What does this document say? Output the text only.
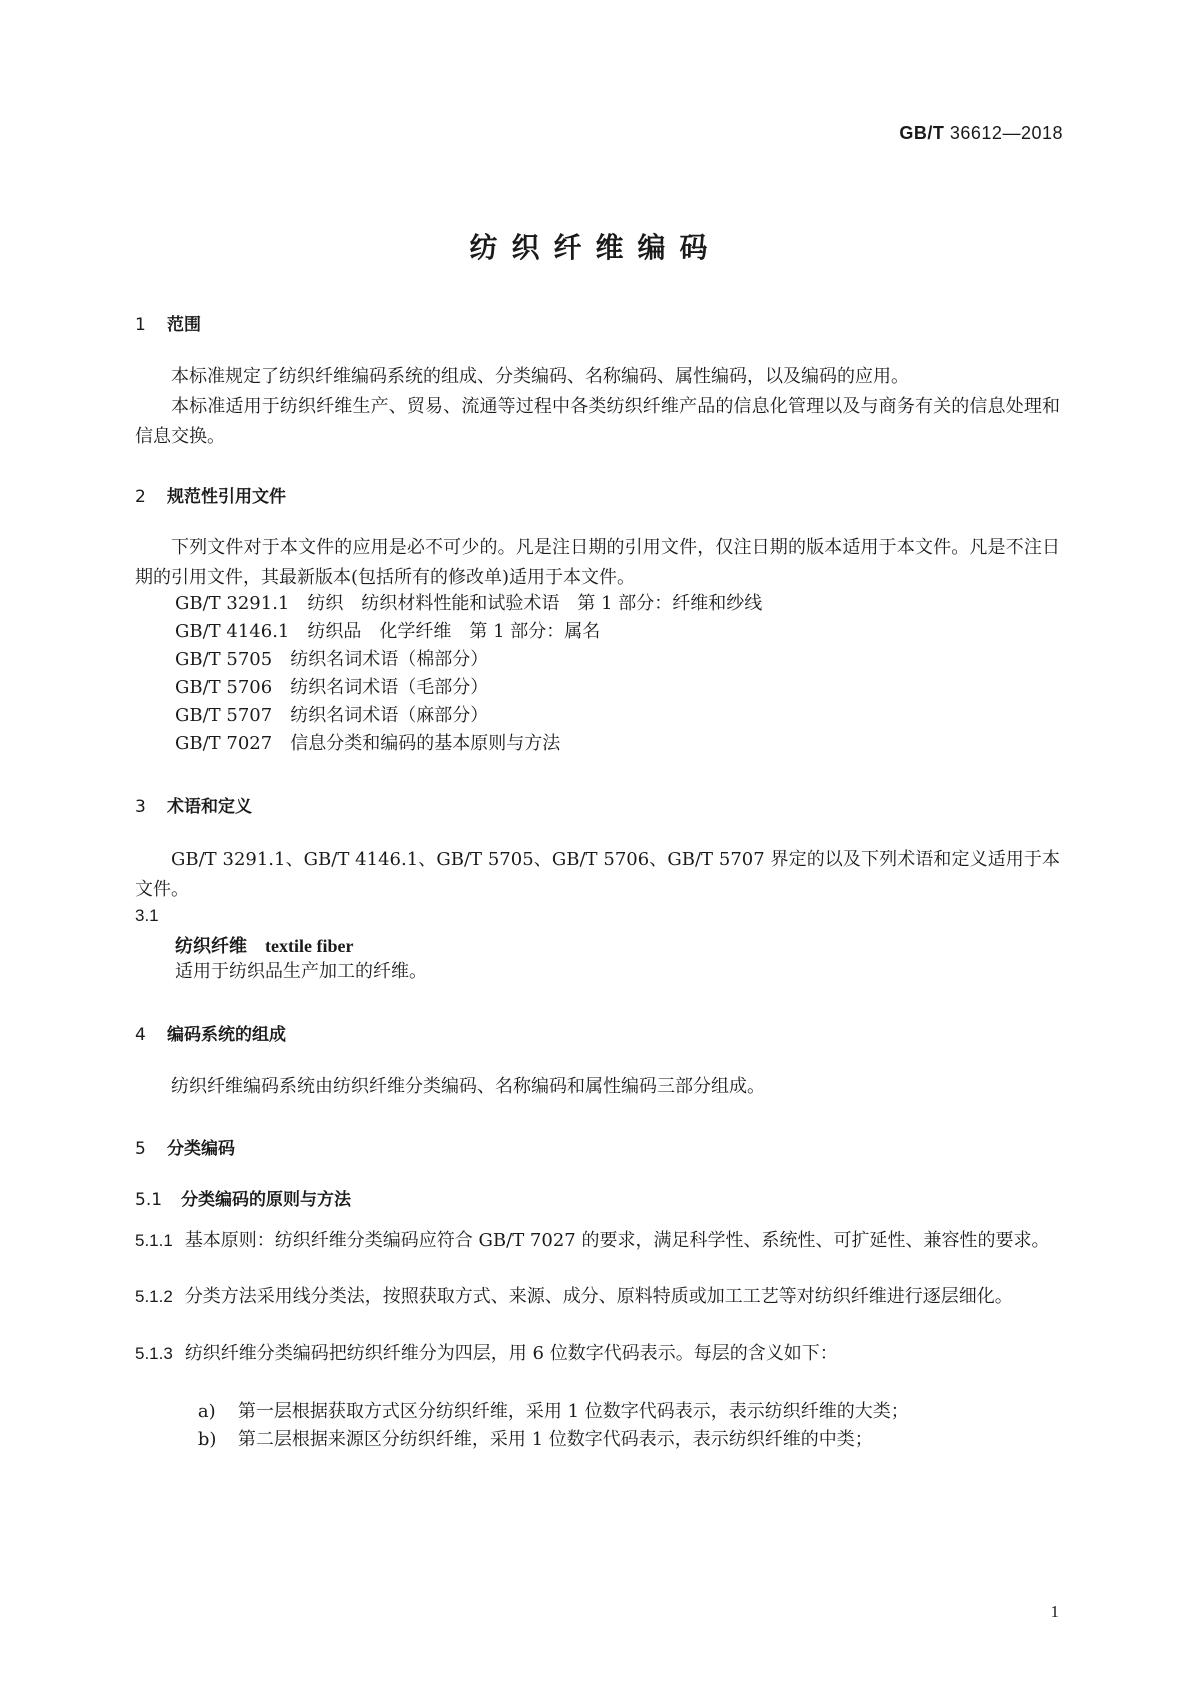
GB/T 36612—2018
纺织纤维编码
1 范围
本标准规定了纺织纤维编码系统的组成、分类编码、名称编码、属性编码，以及编码的应用。
本标准适用于纺织纤维生产、贸易、流通等过程中各类纺织纤维产品的信息化管理以及与商务有关的信息处理和信息交换。
2 规范性引用文件
下列文件对于本文件的应用是必不可少的。凡是注日期的引用文件，仅注日期的版本适用于本文件。凡是不注日期的引用文件，其最新版本(包括所有的修改单)适用于本文件。
GB/T 3291.1　纺织　纺织材料性能和试验术语　第 1 部分：纤维和纱线
GB/T 4146.1　纺织品　化学纤维　第 1 部分：属名
GB/T 5705　纺织名词术语（棉部分）
GB/T 5706　纺织名词术语（毛部分）
GB/T 5707　纺织名词术语（麻部分）
GB/T 7027　信息分类和编码的基本原则与方法
3 术语和定义
GB/T 3291.1、GB/T 4146.1、GB/T 5705、GB/T 5706、GB/T 5707 界定的以及下列术语和定义适用于本文件。
3.1
纺织纤维 textile fiber
适用于纺织品生产加工的纤维。
4 编码系统的组成
纺织纤维编码系统由纺织纤维分类编码、名称编码和属性编码三部分组成。
5 分类编码
5.1 分类编码的原则与方法
5.1.1 基本原则：纺织纤维分类编码应符合 GB/T 7027 的要求，满足科学性、系统性、可扩延性、兼容性的要求。
5.1.2 分类方法采用线分类法，按照获取方式、来源、成分、原料特质或加工工艺等对纺织纤维进行逐层细化。
5.1.3 纺织纤维分类编码把纺织纤维分为四层，用 6 位数字代码表示。每层的含义如下：

a) 第一层根据获取方式区分纺织纤维，采用 1 位数字代码表示，表示纺织纤维的大类；

b) 第二层根据来源区分纺织纤维，采用 1 位数字代码表示，表示纺织纤维的中类；

1
